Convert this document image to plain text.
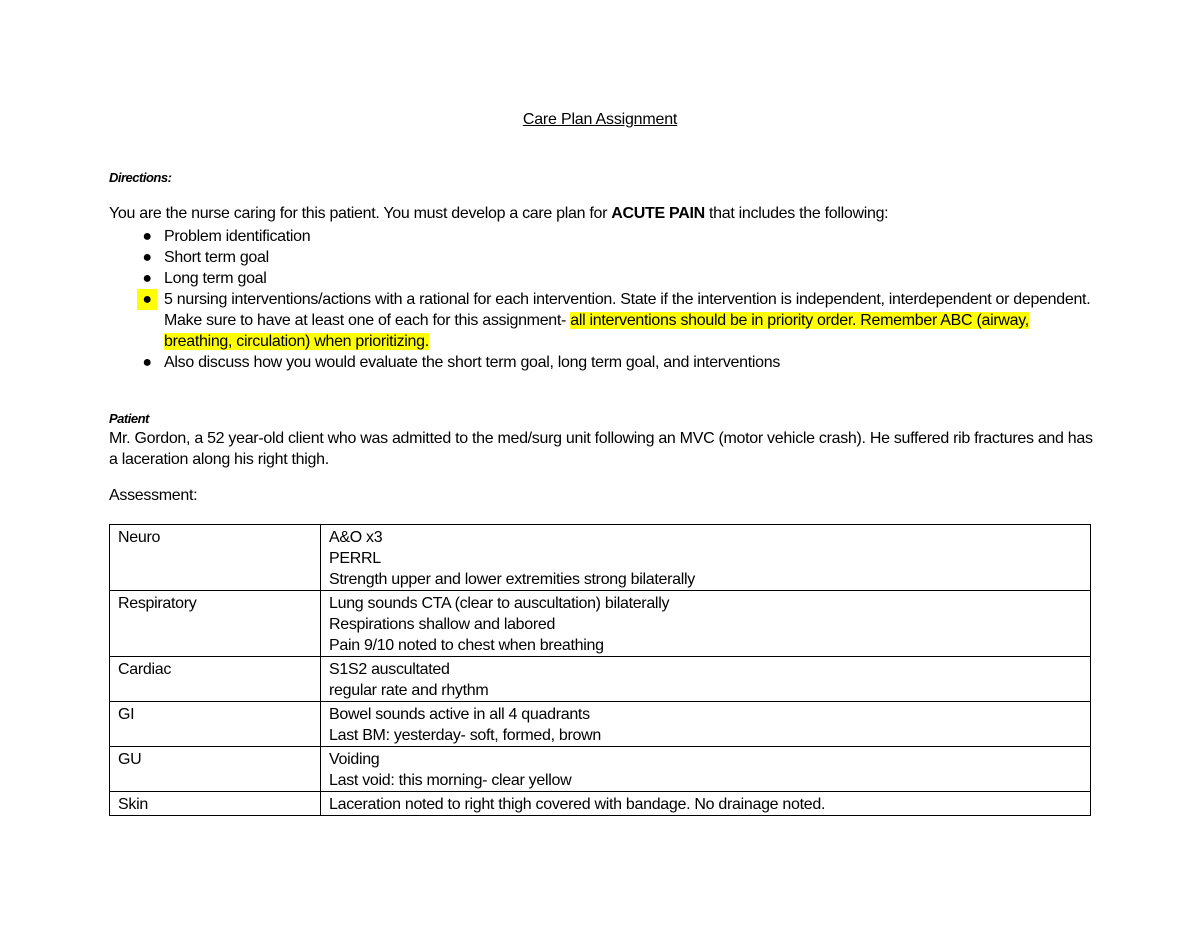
Care Plan Assignment
Directions:
You are the nurse caring for this patient. You must develop a care plan for ACUTE PAIN that includes the following:
● Problem identification
● Short term goal
● Long term goal
● 5 nursing interventions/actions with a rational for each intervention. State if the intervention is independent, interdependent or dependent. Make sure to have at least one of each for this assignment- all interventions should be in priority order. Remember ABC (airway, breathing, circulation) when prioritizing.
● Also discuss how you would evaluate the short term goal, long term goal, and interventions
Patient
Mr. Gordon, a 52 year-old client who was admitted to the med/surg unit following an MVC (motor vehicle crash). He suffered rib fractures and has a laceration along his right thigh.
Assessment:
Neuro	A&O x3
PERRL
Strength upper and lower extremities strong bilaterally

Respiratory	Lung sounds CTA (clear to auscultation) bilaterally
Respirations shallow and labored
Pain 9/10 noted to chest when breathing

Cardiac	S1S2 auscultated
regular rate and rhythm

GI	Bowel sounds active in all 4 quadrants
Last BM: yesterday- soft, formed, brown

GU	Voiding
Last void: this morning- clear yellow

Skin	Laceration noted to right thigh covered with bandage. No drainage noted.
